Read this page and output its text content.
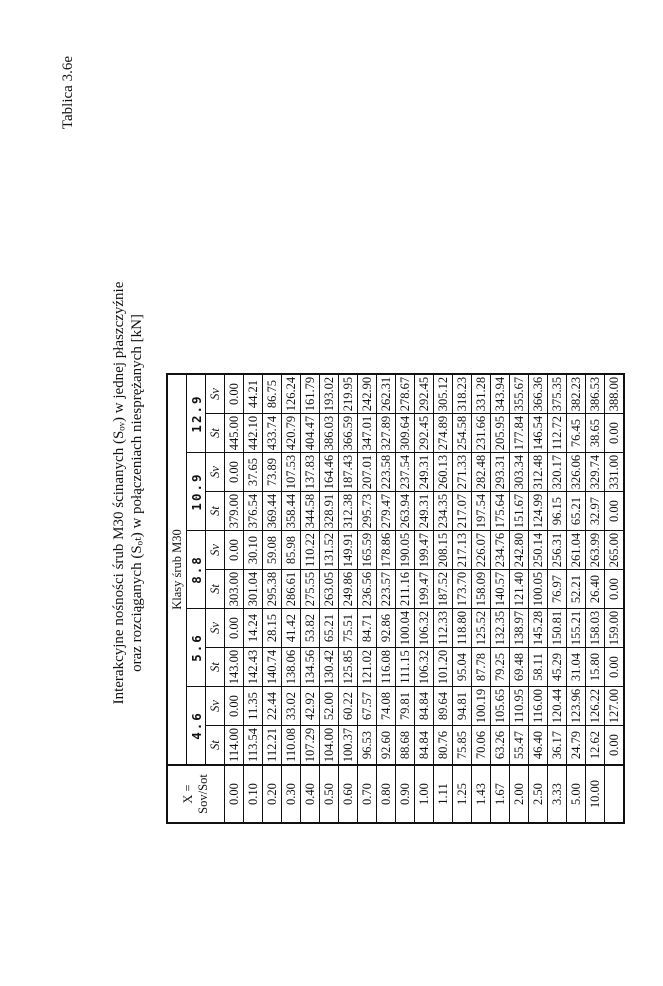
Tablica 3.6e
Interakcyjne nośności śrub M30 ścinanych (Sₒᵥ) w jednej płaszczyźnie oraz rozciąganych (Sₒₜ) w połączeniach niesprężanych [kN]
X = Sov/Sot	Klasy śrub M30									
	4.6		5.6		8.8		10.9		12.9	
	St	Sv	St	Sv	St	Sv	St	Sv	St	Sv
0.00	114.00	0.00	143.00	0.00	303.00	0.00	379.00	0.00	445.00	0.00
0.10	113.54	11.35	142.43	14.24	301.04	30.10	376.54	37.65	442.10	44.21
0.20	112.21	22.44	140.74	28.15	295.38	59.08	369.44	73.89	433.74	86.75
0.30	110.08	33.02	138.06	41.42	286.61	85.98	358.44	107.53	420.79	126.24
0.40	107.29	42.92	134.56	53.82	275.55	110.22	344.58	137.83	404.47	161.79
0.50	104.00	52.00	130.42	65.21	263.05	131.52	328.91	164.46	386.03	193.02
0.60	100.37	60.22	125.85	75.51	249.86	149.91	312.38	187.43	366.59	219.95
0.70	96.53	67.57	121.02	84.71	236.56	165.59	295.73	207.01	347.01	242.90
0.80	92.60	74.08	116.08	92.86	223.57	178.86	279.47	223.58	327.89	262.31
0.90	88.68	79.81	111.15	100.04	211.16	190.05	263.94	237.54	309.64	278.67
1.00	84.84	84.84	106.32	106.32	199.47	199.47	249.31	249.31	292.45	292.45
1.11	80.76	89.64	101.20	112.33	187.52	208.15	234.35	260.13	274.89	305.12
1.25	75.85	94.81	95.04	118.80	173.70	217.13	217.07	271.33	254.58	318.23
1.43	70.06	100.19	87.78	125.52	158.09	226.07	197.54	282.48	231.66	331.28
1.67	63.26	105.65	79.25	132.35	140.57	234.76	175.64	293.31	205.95	343.94
2.00	55.47	110.95	69.48	138.97	121.40	242.80	151.67	303.34	177.84	355.67
2.50	46.40	116.00	58.11	145.28	100.05	250.14	124.99	312.48	146.54	366.36
3.33	36.17	120.44	45.29	150.81	76.97	256.31	96.15	320.17	112.72	375.35
5.00	24.79	123.96	31.04	155.21	52.21	261.04	65.21	326.06	76.45	382.23
10.00	12.62	126.22	15.80	158.03	26.40	263.99	32.97	329.74	38.65	386.53
	0.00	127.00	0.00	159.00	0.00	265.00	0.00	331.00	0.00	388.00
